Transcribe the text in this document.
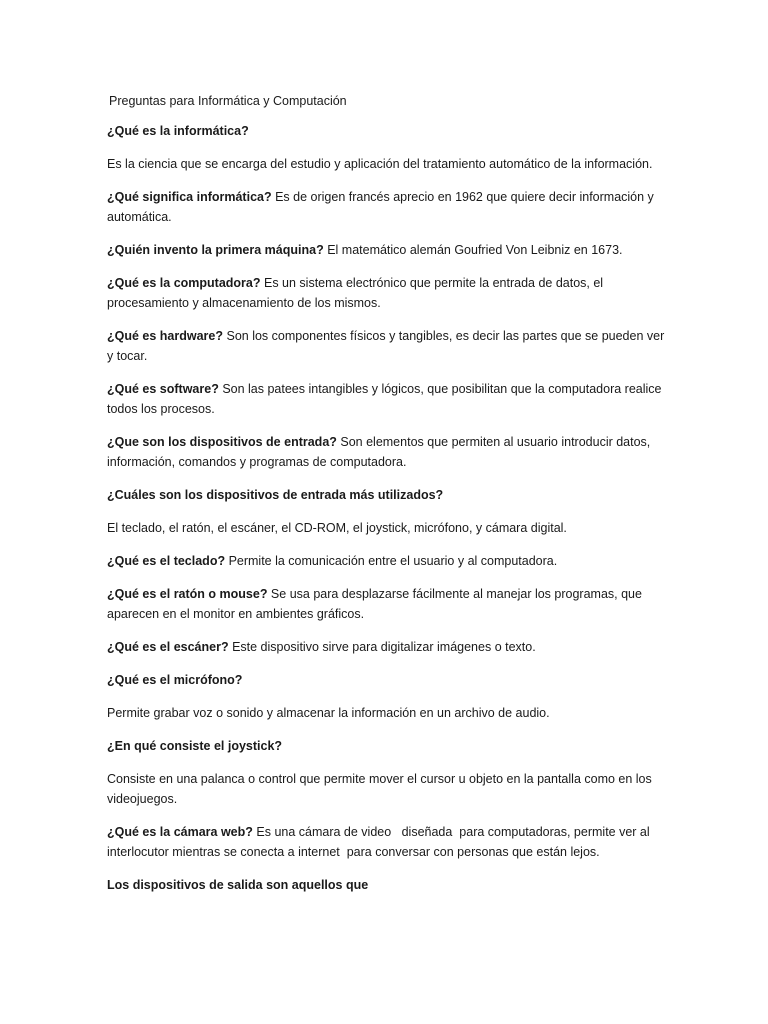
Preguntas para Informática y Computación

¿Qué es la informática?

Es la ciencia que se encarga del estudio y aplicación del tratamiento automático de la información.

¿Qué significa informática? Es de origen francés aprecio en 1962 que quiere decir información y automática.

¿Quién invento la primera máquina? El matemático alemán Goufried Von Leibniz en 1673.

¿Qué es la computadora? Es un sistema electrónico que permite la entrada de datos, el procesamiento y almacenamiento de los mismos.

¿Qué es hardware? Son los componentes físicos y tangibles, es decir las partes que se pueden ver y tocar.

¿Qué es software? Son las patees intangibles y lógicos, que posibilitan que la computadora realice todos los procesos.

¿Que son los dispositivos de entrada? Son elementos que permiten al usuario introducir datos, información, comandos y programas de computadora.

¿Cuáles son los dispositivos de entrada más utilizados?

El teclado, el ratón, el escáner, el CD-ROM, el joystick, micrófono, y cámara digital.

¿Qué es el teclado? Permite la comunicación entre el usuario y al computadora.

¿Qué es el ratón o mouse? Se usa para desplazarse fácilmente al manejar los programas, que aparecen en el monitor en ambientes gráficos.

¿Qué es el escáner? Este dispositivo sirve para digitalizar imágenes o texto.

¿Qué es el micrófono?

Permite grabar voz o sonido y almacenar la información en un archivo de audio.

¿En qué consiste el joystick?

Consiste en una palanca o control que permite mover el cursor u objeto en la pantalla como en los videojuegos.

¿Qué es la cámara web? Es una cámara de video   diseñada  para computadoras, permite ver al interlocutor mientras se conecta a internet  para conversar con personas que están lejos.

Los dispositivos de salida son aquellos que
